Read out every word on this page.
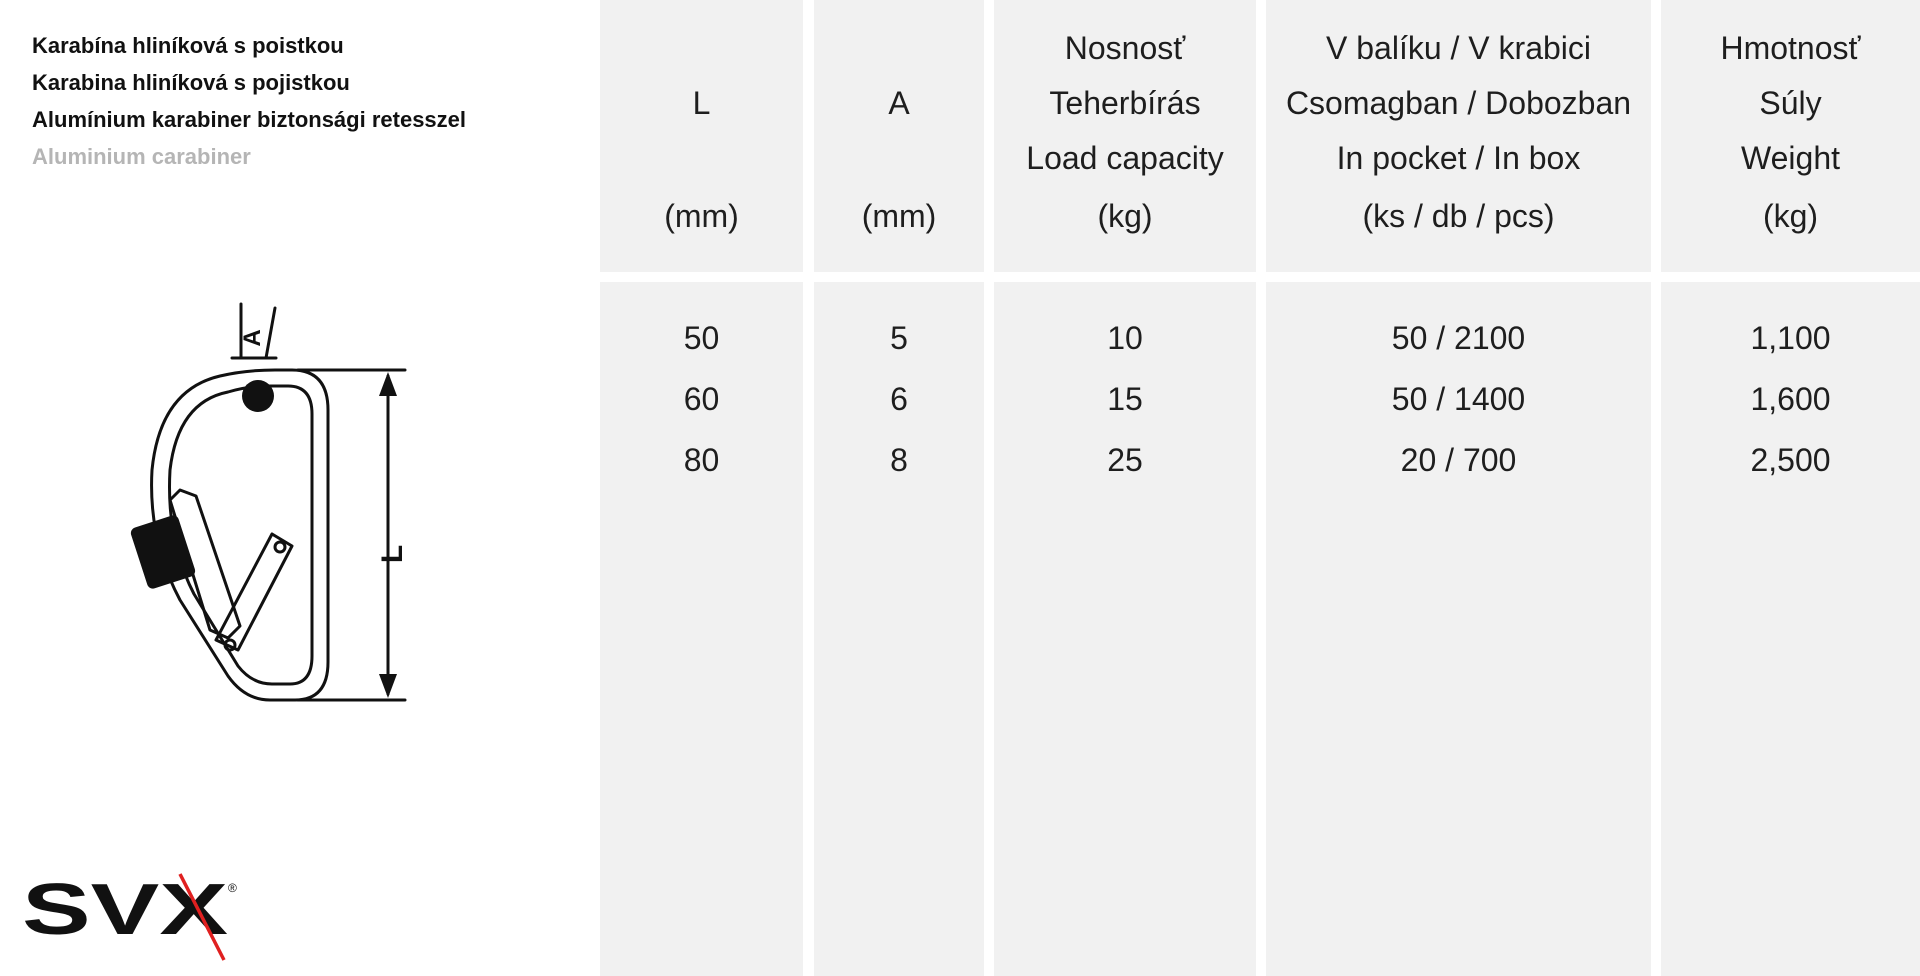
Karabína hliníková s poistkou
Karabina hliníková s pojistkou
Alumínium karabiner biztonsági retesszel
Aluminium carabiner
L
A
SVX ®
L
(mm)
50
60
80
A
(mm)
5
6
8
Nosnosť
Teherbírás
Load capacity
(kg)
10
15
25
V balíku / V krabici
Csomagban / Dobozban
In pocket / In box
(ks / db / pcs)
50 / 2100
50 / 1400
20 / 700
Hmotnosť
Súly
Weight
(kg)
1,100
1,600
2,500
